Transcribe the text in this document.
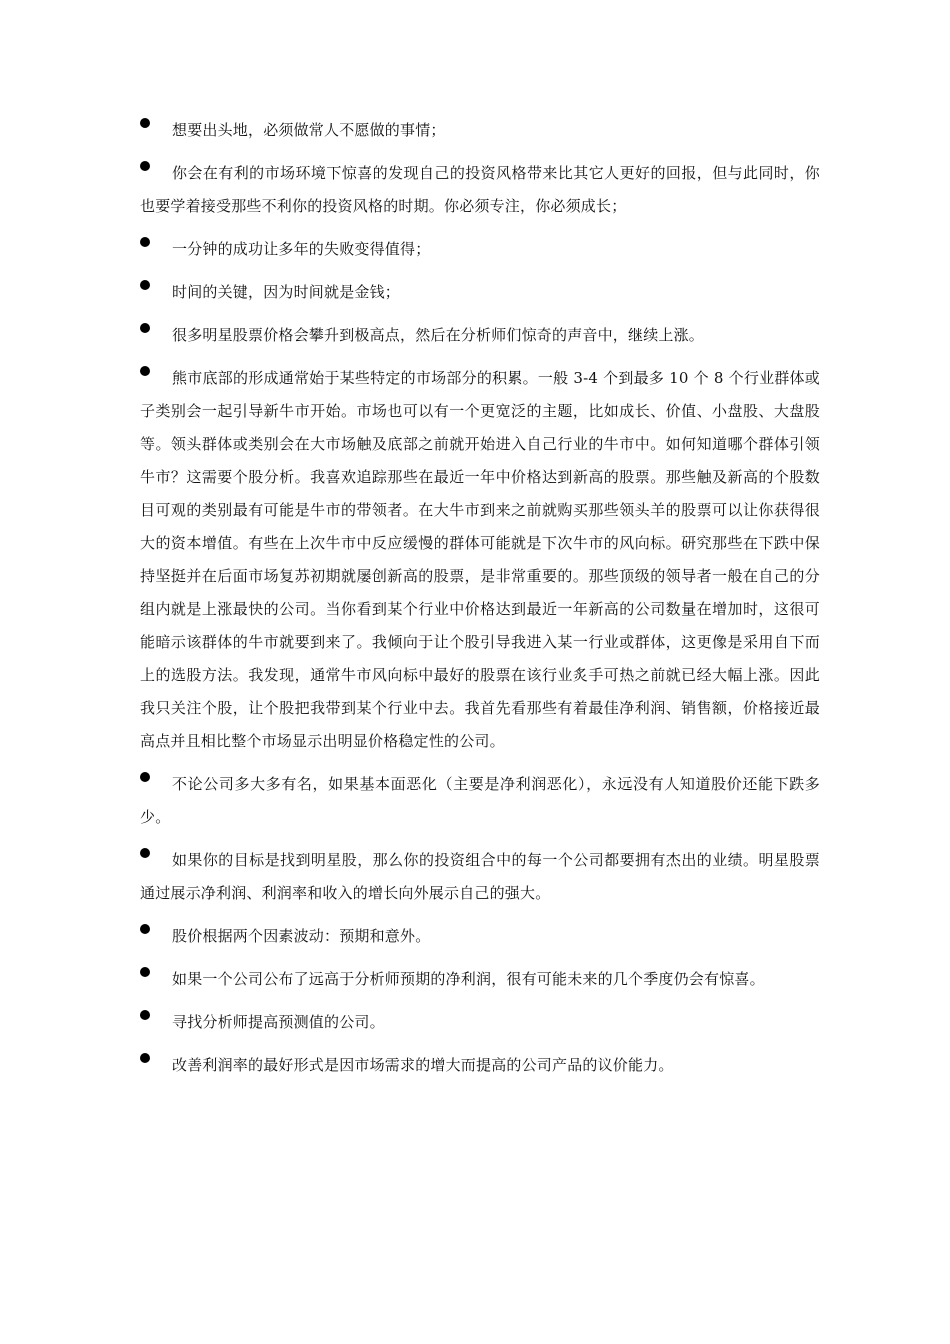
想要出头地，必须做常人不愿做的事情；
你会在有利的市场环境下惊喜的发现自己的投资风格带来比其它人更好的回报，但与此同时，你也要学着接受那些不利你的投资风格的时期。你必须专注，你必须成长；
一分钟的成功让多年的失败变得值得；
时间的关键，因为时间就是金钱；
很多明星股票价格会攀升到极高点，然后在分析师们惊奇的声音中，继续上涨。
熊市底部的形成通常始于某些特定的市场部分的积累。一般 3-4 个到最多 10 个 8 个行业群体或子类别会一起引导新牛市开始。市场也可以有一个更宽泛的主题，比如成长、价值、小盘股、大盘股等。领头群体或类别会在大市场触及底部之前就开始进入自己行业的牛市中。如何知道哪个群体引领牛市？这需要个股分析。我喜欢追踪那些在最近一年中价格达到新高的股票。那些触及新高的个股数目可观的类别最有可能是牛市的带领者。在大牛市到来之前就购买那些领头羊的股票可以让你获得很大的资本增值。有些在上次牛市中反应缓慢的群体可能就是下次牛市的风向标。研究那些在下跌中保持坚挺并在后面市场复苏初期就屡创新高的股票，是非常重要的。那些顶级的领导者一般在自己的分组内就是上涨最快的公司。当你看到某个行业中价格达到最近一年新高的公司数量在增加时，这很可能暗示该群体的牛市就要到来了。我倾向于让个股引导我进入某一行业或群体，这更像是采用自下而上的选股方法。我发现，通常牛市风向标中最好的股票在该行业炙手可热之前就已经大幅上涨。因此我只关注个股，让个股把我带到某个行业中去。我首先看那些有着最佳净利润、销售额，价格接近最高点并且相比整个市场显示出明显价格稳定性的公司。
不论公司多大多有名，如果基本面恶化（主要是净利润恶化），永远没有人知道股价还能下跌多少。
如果你的目标是找到明星股，那么你的投资组合中的每一个公司都要拥有杰出的业绩。明星股票通过展示净利润、利润率和收入的增长向外展示自己的强大。
股价根据两个因素波动：预期和意外。
如果一个公司公布了远高于分析师预期的净利润，很有可能未来的几个季度仍会有惊喜。
寻找分析师提高预测值的公司。
改善利润率的最好形式是因市场需求的增大而提高的公司产品的议价能力。
